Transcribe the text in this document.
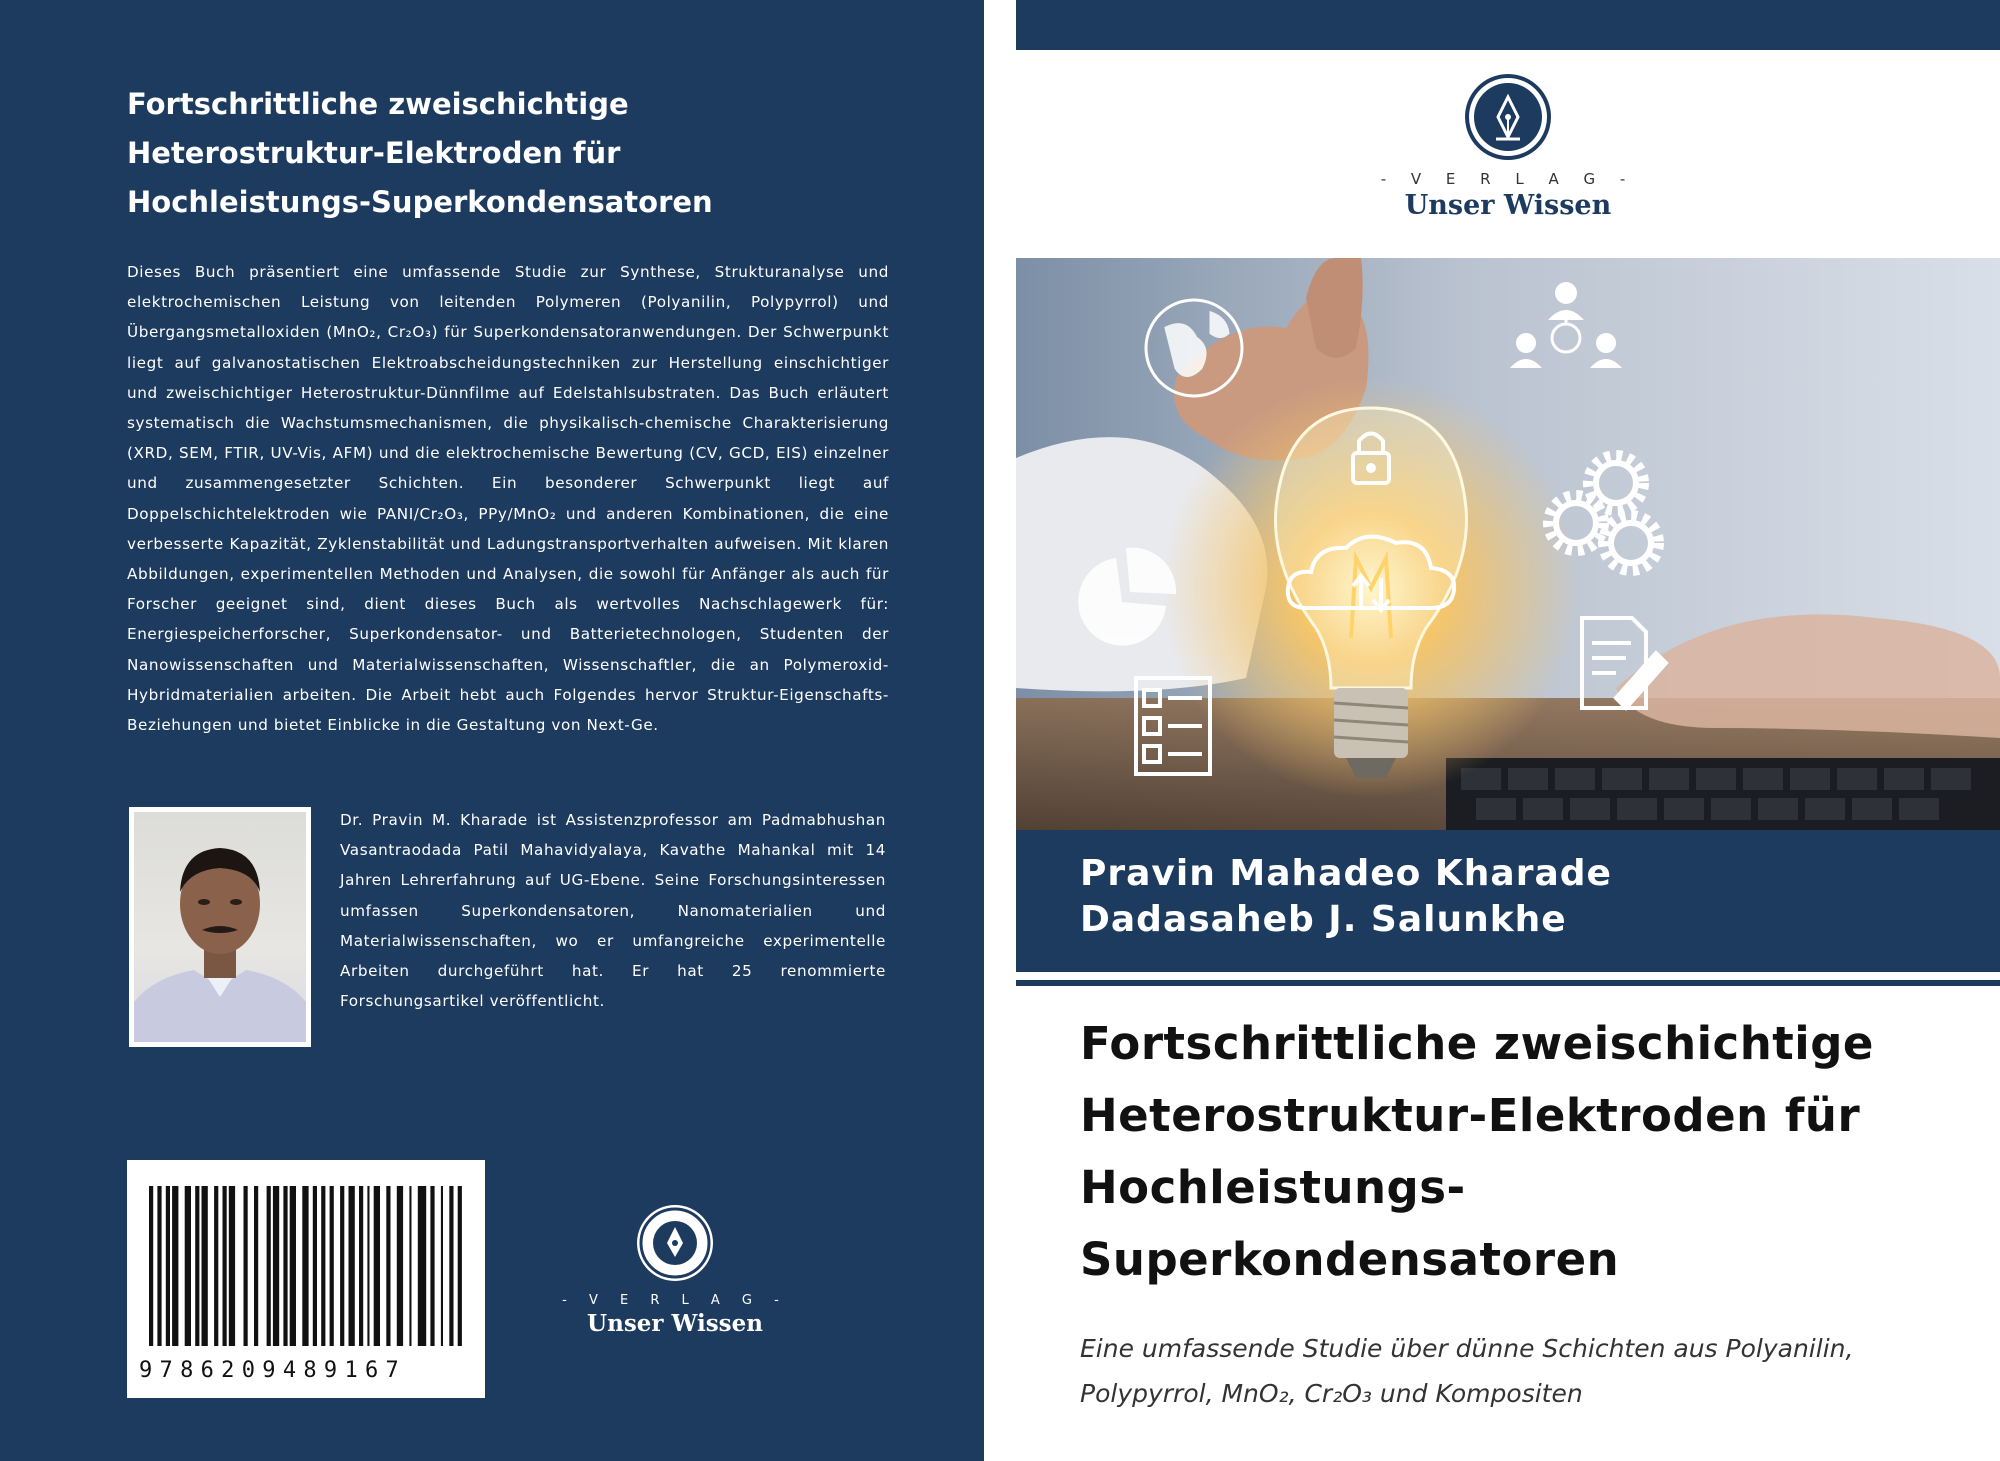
Fortschrittliche zweischichtige
Heterostruktur-Elektroden für
Hochleistungs-Superkondensatoren

Dieses Buch präsentiert eine umfassende Studie zur Synthese, Strukturanalyse und elektrochemischen Leistung von leitenden Polymeren (Polyanilin, Polypyrrol) und Übergangsmetalloxiden (MnO₂, Cr₂O₃) für Superkondensatoranwendungen. Der Schwerpunkt liegt auf galvanostatischen Elektroabscheidungstechniken zur Herstellung einschichtiger und zweischichtiger Heterostruktur-Dünnfilme auf Edelstahlsubstraten. Das Buch erläutert systematisch die Wachstumsmechanismen, die physikalisch-chemische Charakterisierung (XRD, SEM, FTIR, UV-Vis, AFM) und die elektrochemische Bewertung (CV, GCD, EIS) einzelner und zusammengesetzter Schichten. Ein besonderer Schwerpunkt liegt auf Doppelschichtelektroden wie PANI/Cr₂O₃, PPy/MnO₂ und anderen Kombinationen, die eine verbesserte Kapazität, Zyklenstabilität und Ladungstransportverhalten aufweisen. Mit klaren Abbildungen, experimentellen Methoden und Analysen, die sowohl für Anfänger als auch für Forscher geeignet sind, dient dieses Buch als wertvolles Nachschlagewerk für: Energiespeicherforscher, Superkondensator- und Batterietechnologen, Studenten der Nanowissenschaften und Materialwissenschaften, Wissenschaftler, die an Polymeroxid-Hybridmaterialien arbeiten. Die Arbeit hebt auch Folgendes hervor Struktur-Eigenschafts-Beziehungen und bietet Einblicke in die Gestaltung von Next-Ge.

Dr. Pravin M. Kharade ist Assistenzprofessor am Padmabhushan Vasantraodada Patil Mahavidyalaya, Kavathe Mahankal mit 14 Jahren Lehrerfahrung auf UG-Ebene. Seine Forschungsinteressen umfassen Superkondensatoren, Nanomaterialien und Materialwissenschaften, wo er umfangreiche experimentelle Arbeiten durchgeführt hat. Er hat 25 renommierte Forschungsartikel veröffentlicht.

9786209489167
- V E R L A G -
Unser Wissen
- V E R L A G -
Unser Wissen

Pravin Mahadeo Kharade

Dadasaheb J. Salunkhe

Fortschrittliche zweischichtige
Heterostruktur-Elektroden für
Hochleistungs-
Superkondensatoren

Eine umfassende Studie über dünne Schichten aus Polyanilin,
Polypyrrol, MnO₂, Cr₂O₃ und Kompositen
